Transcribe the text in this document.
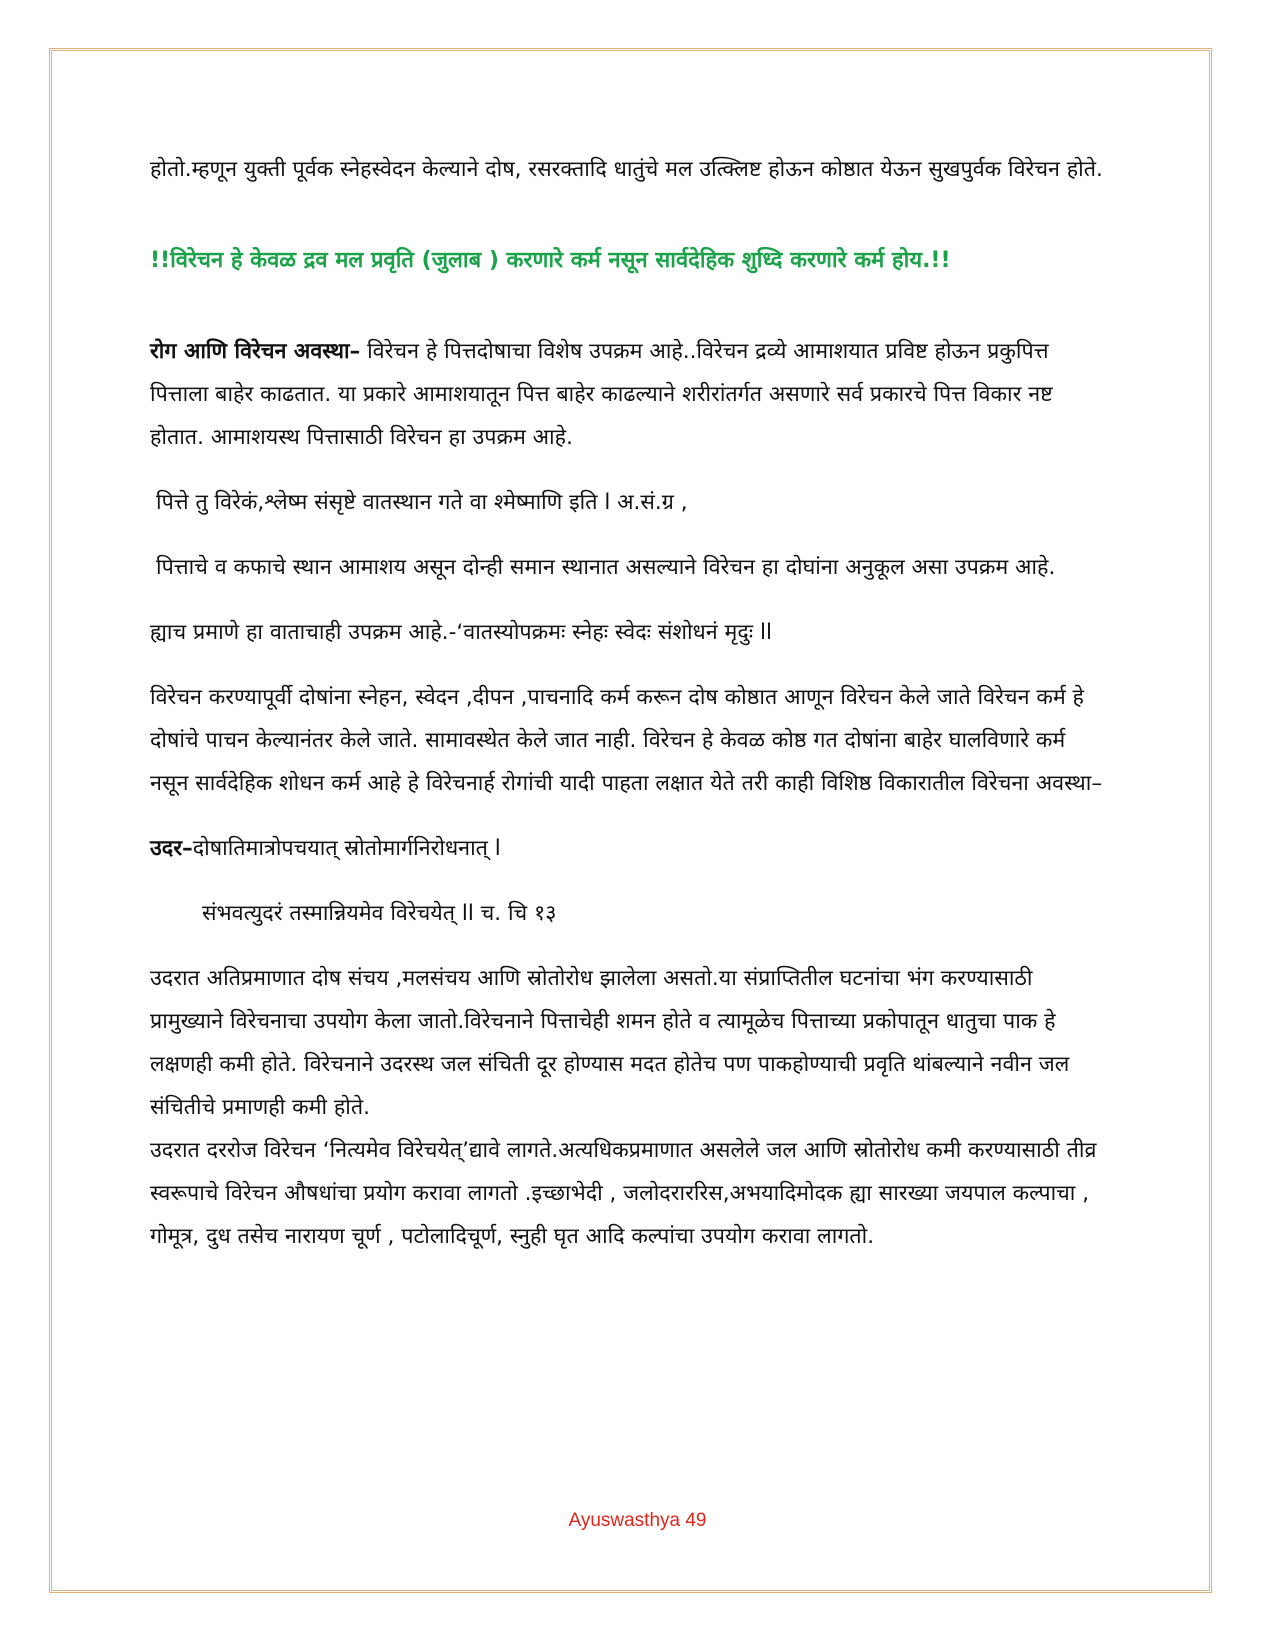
होतो.म्हणून युक्ती पूर्वक स्नेहस्वेदन केल्याने दोष, रसरक्तादि धातुंचे मल उत्क्लिष्ट होऊन कोष्ठात येऊन सुखपुर्वक विरेचन होते.

!!विरेचन हे केवळ द्रव मल प्रवृति (जुलाब ) करणारे कर्म नसून सार्वदेहिक शुध्दि करणारे कर्म होय.!!

रोग आणि विरेचन अवस्था– विरेचन हे पित्तदोषाचा विशेष उपक्रम आहे..विरेचन द्रव्ये आमाशयात प्रविष्ट होऊन प्रकुपित्त पित्ताला बाहेर काढतात. या प्रकारे आमाशयातून पित्त बाहेर काढल्याने शरीरांतर्गत असणारे सर्व प्रकारचे पित्त विकार नष्ट होतात. आमाशयस्थ पित्तासाठी विरेचन हा उपक्रम आहे.

पित्ते तु विरेकं,श्लेष्म संसृष्टे वातस्थान गते वा श्मेष्माणि इति l अ.सं.ग्र ,

पित्ताचे व कफाचे स्थान आमाशय असून दोन्ही समान स्थानात असल्याने विरेचन हा दोघांना अनुकूल असा उपक्रम आहे.

ह्याच प्रमाणे हा वाताचाही उपक्रम आहे.-‘वातस्योपक्रमः स्नेहः स्वेदः संशोधनं मृदुः ll

विरेचन करण्यापूर्वी दोषांना स्नेहन, स्वेदन ,दीपन ,पाचनादि कर्म करून दोष कोष्ठात आणून विरेचन केले जाते विरेचन कर्म हे दोषांचे पाचन केल्यानंतर केले जाते. सामावस्थेत केले जात नाही. विरेचन हे केवळ कोष्ठ गत दोषांना बाहेर घालविणारे कर्म नसून सार्वदेहिक शोधन कर्म आहे हे विरेचनार्ह रोगांची यादी पाहता लक्षात येते तरी काही विशिष्ठ विकारातील विरेचना अवस्था–

उदर–दोषातिमात्रोपचयात् स्रोतोमार्गनिरोधनात् l

संभवत्युदरं तस्मान्नियमेव विरेचयेत् ll च. चि १३

उदरात अतिप्रमाणात दोष संचय ,मलसंचय आणि स्रोतोरोध झालेला असतो.या संप्राप्तितील घटनांचा भंग करण्यासाठी प्रामुख्याने विरेचनाचा उपयोग केला जातो.विरेचनाने पित्ताचेही शमन होते व त्यामूळेच पित्ताच्या प्रकोपातून धातुचा पाक हे लक्षणही कमी होते. विरेचनाने उदरस्थ जल संचिती दूर होण्यास मदत होतेच पण पाकहोण्याची प्रवृति थांबल्याने नवीन जल संचितीचे प्रमाणही कमी होते.

उदरात दररोज विरेचन ‘नित्यमेव विरेचयेत्’द्यावे लागते.अत्यधिकप्रमाणात असलेले जल आणि स्रोतोरोध कमी करण्यासाठी तीव्र स्वरूपाचे विरेचन औषधांचा प्रयोग करावा लागतो .इच्छाभेदी , जलोदराररिस,अभयादिमोदक ह्या सारख्या जयपाल कल्पाचा , गोमूत्र, दुध तसेच नारायण चूर्ण , पटोलादिचूर्ण, स्नुही घृत आदि कल्पांचा उपयोग करावा लागतो.

Ayuswasthya 49
